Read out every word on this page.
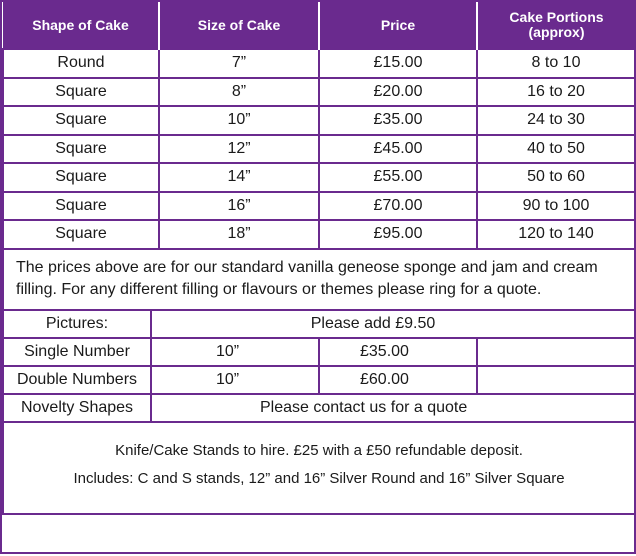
Shape of Cake	Size of Cake	Price	Cake Portions
(approx)
Round	7”	£15.00	8 to 10
Square	8”	£20.00	16 to 20
Square	10”	£35.00	24 to 30
Square	12”	£45.00	40 to 50
Square	14”	£55.00	50 to 60
Square	16”	£70.00	90 to 100
Square	18”	£95.00	120 to 140
The prices above are for our standard vanilla geneose sponge and jam and cream filling. For any different filling or flavours or themes please ring for a quote.			
Pictures:	Please add £9.50		
Single Number	10”	£35.00	
Double Numbers	10”	£60.00	
Novelty Shapes	Please contact us for a quote		

Knife/Cake Stands to hire. £25 with a £50 refundable deposit.
Includes: C and S stands, 12” and 16” Silver Round and 16” Silver Square			
